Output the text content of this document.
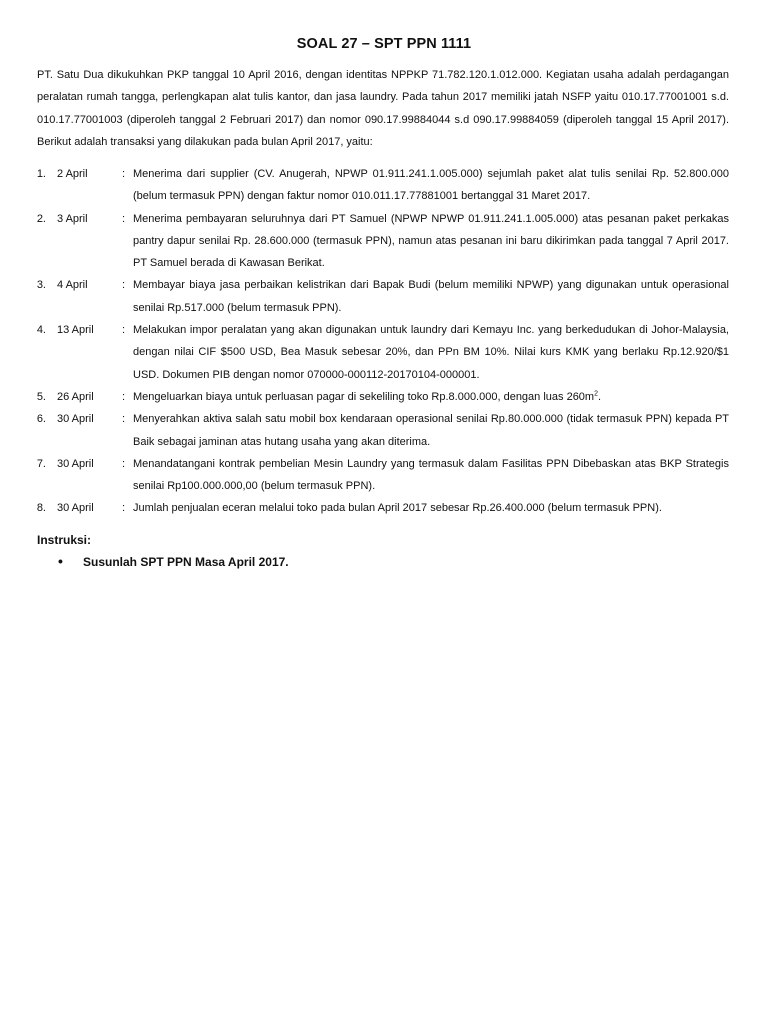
SOAL 27 – SPT PPN 1111

PT. Satu Dua dikukuhkan PKP tanggal 10 April 2016, dengan identitas NPPKP 71.782.120.1.012.000. Kegiatan usaha adalah perdagangan peralatan rumah tangga, perlengkapan alat tulis kantor, dan jasa laundry. Pada tahun 2017 memiliki jatah NSFP yaitu 010.17.77001001 s.d. 010.17.77001003 (diperoleh tanggal 2 Februari 2017) dan nomor 090.17.99884044 s.d 090.17.99884059 (diperoleh tanggal 15 April 2017). Berikut adalah transaksi yang dilakukan pada bulan April 2017, yaitu:

1.	2 April	: Menerima dari supplier (CV. Anugerah, NPWP 01.911.241.1.005.000) sejumlah paket alat tulis senilai Rp. 52.800.000 (belum termasuk PPN) dengan faktur nomor 010.011.17.77881001 bertanggal 31 Maret 2017.
2.	3 April	: Menerima pembayaran seluruhnya dari PT Samuel (NPWP NPWP 01.911.241.1.005.000) atas pesanan paket perkakas pantry dapur senilai Rp. 28.600.000 (termasuk PPN), namun atas pesanan ini baru dikirimkan pada tanggal 7 April 2017. PT Samuel berada di Kawasan Berikat.
3.	4 April	: Membayar biaya jasa perbaikan kelistrikan dari Bapak Budi (belum memiliki NPWP) yang digunakan untuk operasional senilai Rp.517.000 (belum termasuk PPN).
4.	13 April	: Melakukan impor peralatan yang akan digunakan untuk laundry dari Kemayu Inc. yang berkedudukan di Johor-Malaysia, dengan nilai CIF $500 USD, Bea Masuk sebesar 20%, dan PPn BM 10%. Nilai kurs KMK yang berlaku Rp.12.920/$1 USD. Dokumen PIB dengan nomor 070000-000112-20170104-000001.
5.	26 April	: Mengeluarkan biaya untuk perluasan pagar di sekeliling toko Rp.8.000.000, dengan luas $260m^2$.
6.	30 April	: Menyerahkan aktiva salah satu mobil box kendaraan operasional senilai Rp.80.000.000 (tidak termasuk PPN) kepada PT Baik sebagai jaminan atas hutang usaha yang akan diterima.
7.	30 April	: Menandatangani kontrak pembelian Mesin Laundry yang termasuk dalam Fasilitas PPN Dibebaskan atas BKP Strategis senilai Rp100.000.000,00 (belum termasuk PPN).
8.	30 April	: Jumlah penjualan eceran melalui toko pada bulan April 2017 sebesar Rp.26.400.000 (belum termasuk PPN).
Instruksi:
•	Susunlah SPT PPN Masa April 2017.
